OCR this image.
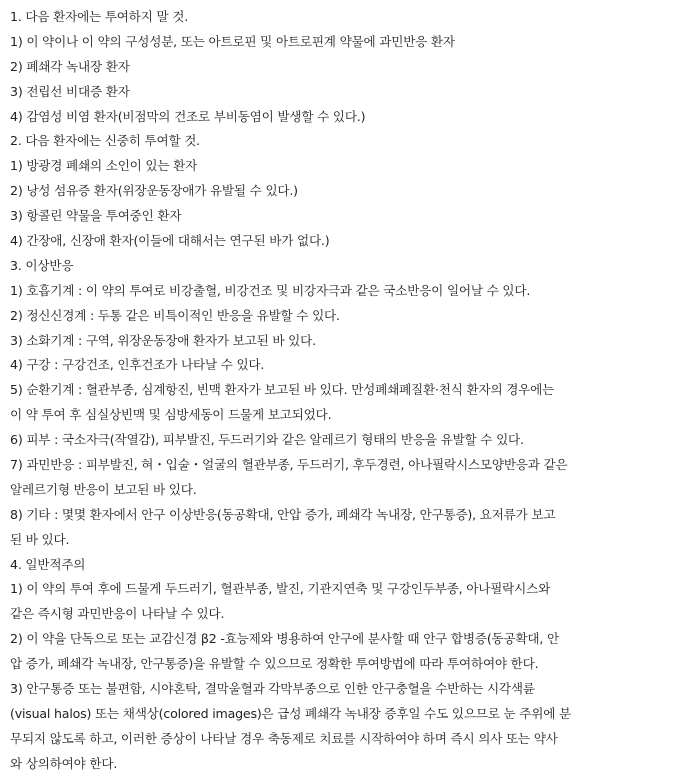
1. 다음 환자에는 투여하지 말 것.
1) 이 약이나 이 약의 구성성분, 또는 아트로핀 및 아트로핀계 약물에 과민반응 환자
2) 폐쇄각 녹내장 환자
3) 전립선 비대증 환자
4) 감염성 비염 환자(비점막의 건조로 부비동염이 발생할 수 있다.)
2. 다음 환자에는 신중히 투여할 것.
1) 방광경 폐쇄의 소인이 있는 환자
2) 낭성 섬유증 환자(위장운동장애가 유발될 수 있다.)
3) 항콜린 약물을 투여중인 환자
4) 간장애, 신장애 환자(이들에 대해서는 연구된 바가 없다.)
3. 이상반응
1) 호흡기계 : 이 약의 투여로 비강출혈, 비강건조 및 비강자극과 같은 국소반응이 일어날 수 있다.
2) 정신신경계 : 두통 같은 비특이적인 반응을 유발할 수 있다.
3) 소화기계 : 구역, 위장운동장애 환자가 보고된 바 있다.
4) 구강 : 구강건조, 인후건조가 나타날 수 있다.
5) 순환기계 : 혈관부종, 심계항진, 빈맥 환자가 보고된 바 있다. 만성폐쇄폐질환·천식 환자의 경우에는
이 약 투여 후 심실상빈맥 및 심방세동이 드물게 보고되었다.
6) 피부 : 국소자극(작열감), 피부발진, 두드러기와 같은 알레르기 형태의 반응을 유발할 수 있다.
7) 과민반응 : 피부발진, 혀・입술・얼굴의 혈관부종, 두드러기, 후두경련, 아나필락시스모양반응과 같은
알레르기형 반응이 보고된 바 있다.
8) 기타 : 몇몇 환자에서 안구 이상반응(동공확대, 안압 증가, 폐쇄각 녹내장, 안구통증), 요저류가 보고
된 바 있다.
4. 일반적주의
1) 이 약의 투여 후에 드물게 두드러기, 혈관부종, 발진, 기관지연축 및 구강인두부종, 아나필락시스와
같은 즉시형 과민반응이 나타날 수 있다.
2) 이 약을 단독으로 또는 교감신경 β2 -효능제와 병용하여 안구에 분사할 때 안구 합병증(동공확대, 안
압 증가, 폐쇄각 녹내장, 안구통증)을 유발할 수 있으므로 정확한 투여방법에 따라 투여하여야 한다.
3) 안구통증 또는 불편함, 시야혼탁, 결막울혈과 각막부종으로 인한 안구충혈을 수반하는 시각색륜
(visual halos) 또는 채색상(colored images)은 급성 폐쇄각 녹내장 증후일 수도 있으므로 눈 주위에 분
무되지 않도록 하고, 이러한 증상이 나타날 경우 축동제로 치료를 시작하여야 하며 즉시 의사 또는 약사
와 상의하여야 한다.
